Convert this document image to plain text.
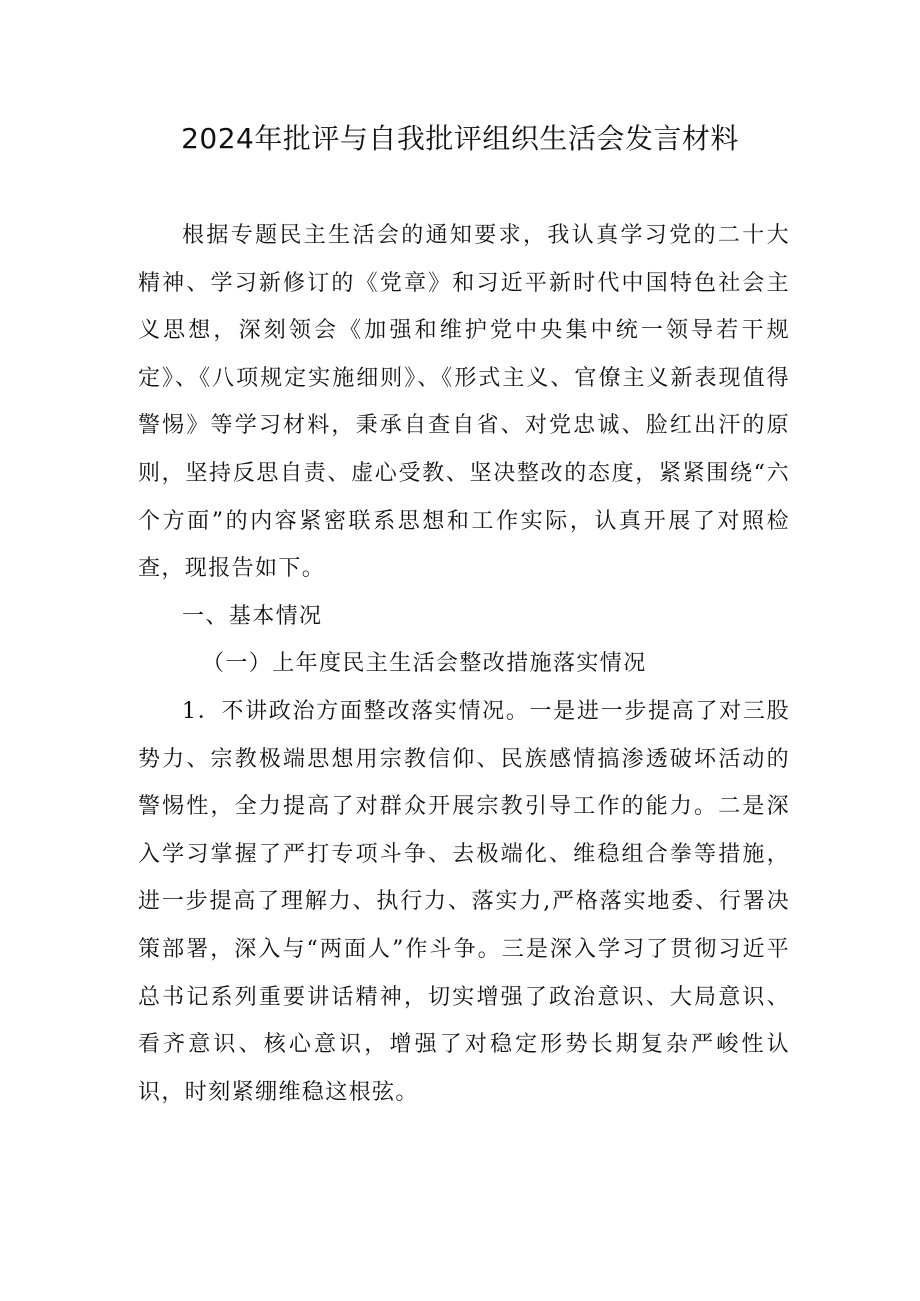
2024年批评与自我批评组织生活会发言材料

根据专题民主生活会的通知要求，我认真学习党的二十大精神、学习新修订的《党章》和习近平新时代中国特色社会主义思想，深刻领会《加强和维护党中央集中统一领导若干规定》、《八项规定实施细则》、《形式主义、官僚主义新表现值得警惕》等学习材料，秉承自查自省、对党忠诚、脸红出汗的原则，坚持反思自责、虚心受教、坚决整改的态度，紧紧围绕“六个方面”的内容紧密联系思想和工作实际，认真开展了对照检查，现报告如下。

一、基本情况

（一）上年度民主生活会整改措施落实情况

1．不讲政治方面整改落实情况。一是进一步提高了对三股势力、宗教极端思想用宗教信仰、民族感情搞渗透破坏活动的警惕性，全力提高了对群众开展宗教引导工作的能力。二是深入学习掌握了严打专项斗争、去极端化、维稳组合拳等措施，进一步提高了理解力、执行力、落实力,严格落实地委、行署决策部署，深入与“两面人”作斗争。三是深入学习了贯彻习近平总书记系列重要讲话精神，切实增强了政治意识、大局意识、看齐意识、核心意识，增强了对稳定形势长期复杂严峻性认识，时刻紧绷维稳这根弦。
